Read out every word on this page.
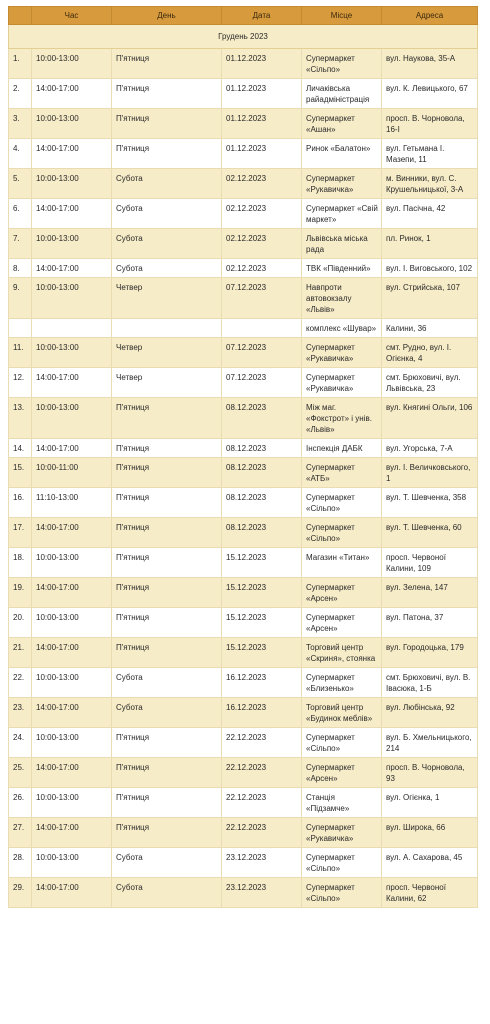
Грудень 2023					
	Час	День	Дата	Місце	Адреса
1.	10:00-13:00	П'ятниця	01.12.2023	Супермаркет «Сільпо»	вул. Наукова, 35-А
2.	14:00-17:00	П'ятниця	01.12.2023	Личаківська райадміністрація	вул. К. Левицького, 67
3.	10:00-13:00	П'ятниця	01.12.2023	Супермаркет «Ашан»	просп. В. Чорновола, 16-І
4.	14:00-17:00	П'ятниця	01.12.2023	Ринок «Балатон»	вул. Гетьмана І. Мазепи, 11
5.	10:00-13:00	Субота	02.12.2023	Супермаркет «Рукавичка»	м. Винники, вул. С. Крушельницької, 3-А
6.	14:00-17:00	Субота	02.12.2023	Супермаркет «Свій маркет»	вул. Пасічна, 42
7.	10:00-13:00	Субота	02.12.2023	Львівська міська рада	пл. Ринок, 1
8.	14:00-17:00	Субота	02.12.2023	ТВК «Південний»	вул. І. Виговського, 102
9.	10:00-13:00	Четвер	07.12.2023	Навпроти автовокзалу «Львів»	вул. Стрийська, 107
				комплекс «Шувар»	Калини, 36
11.	10:00-13:00	Четвер	07.12.2023	Супермаркет «Рукавичка»	смт. Рудно, вул. І. Огієнка, 4
12.	14:00-17:00	Четвер	07.12.2023	Супермаркет «Рукавичка»	смт. Брюховичі, вул. Львівська, 23
13.	10:00-13:00	П'ятниця	08.12.2023	Між маг. «Фокстрот» і унів. «Львів»	вул. Княгині Ольги, 106
14.	14:00-17:00	П'ятниця	08.12.2023	Інспекція ДАБК	вул. Угорська, 7-А
15.	10:00-11:00	П'ятниця	08.12.2023	Супермаркет «АТБ»	вул. І. Величковського, 1
16.	11:10-13:00	П'ятниця	08.12.2023	Супермаркет «Сільпо»	вул. Т. Шевченка, 358
17.	14:00-17:00	П'ятниця	08.12.2023	Супермаркет «Сільпо»	вул. Т. Шевченка, 60
18.	10:00-13:00	П'ятниця	15.12.2023	Магазин «Титан»	просп. Червоної Калини, 109
19.	14:00-17:00	П'ятниця	15.12.2023	Супермаркет «Арсен»	вул. Зелена, 147
20.	10:00-13:00	П'ятниця	15.12.2023	Супермаркет «Арсен»	вул. Патона, 37
21.	14:00-17:00	П'ятниця	15.12.2023	Торговий центр «Скриня», стоянка	вул. Городоцька, 179
22.	10:00-13:00	Субота	16.12.2023	Супермаркет «Близенько»	смт. Брюховичі, вул. В. Івасюка, 1-Б
23.	14:00-17:00	Субота	16.12.2023	Торговий центр «Будинок меблів»	вул. Любінська, 92
24.	10:00-13:00	П'ятниця	22.12.2023	Супермаркет «Сільпо»	вул. Б. Хмельницького, 214
25.	14:00-17:00	П'ятниця	22.12.2023	Супермаркет «Арсен»	просп. В. Чорновола, 93
26.	10:00-13:00	П'ятниця	22.12.2023	Станція «Підзамче»	вул. Огієнка, 1
27.	14:00-17:00	П'ятниця	22.12.2023	Супермаркет «Рукавичка»	вул. Широка, 66
28.	10:00-13:00	Субота	23.12.2023	Супермаркет «Сільпо»	вул. А. Сахарова, 45
29.	14:00-17:00	Субота	23.12.2023	Супермаркет «Сільпо»	просп. Червоної Калини, 62
